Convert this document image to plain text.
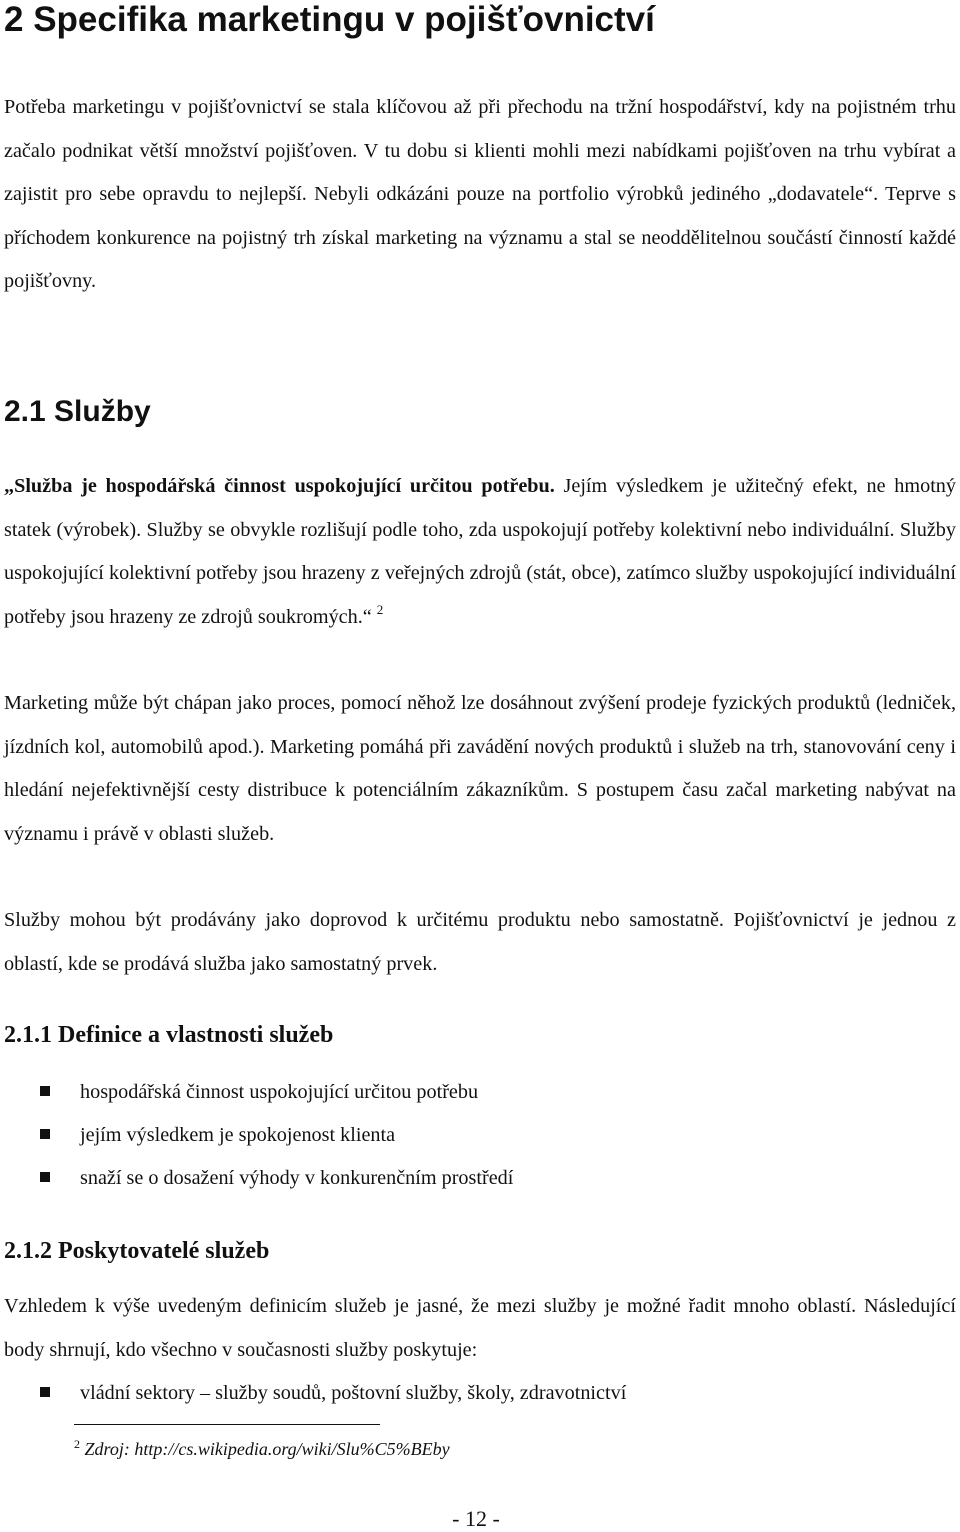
2 Specifika marketingu v pojišťovnictví

Potřeba marketingu v pojišťovnictví se stala klíčovou až při přechodu na tržní hospodářství, kdy na pojistném trhu začalo podnikat větší množství pojišťoven. V tu dobu si klienti mohli mezi nabídkami pojišťoven na trhu vybírat a zajistit pro sebe opravdu to nejlepší. Nebyli odkázáni pouze na portfolio výrobků jediného „dodavatele“. Teprve s příchodem konkurence na pojistný trh získal marketing na významu a stal se neoddělitelnou součástí činností každé pojišťovny.

2.1 Služby

„Služba je hospodářská činnost uspokojující určitou potřebu. Jejím výsledkem je užitečný efekt, ne hmotný statek (výrobek). Služby se obvykle rozlišují podle toho, zda uspokojují potřeby kolektivní nebo individuální. Služby uspokojující kolektivní potřeby jsou hrazeny z veřejných zdrojů (stát, obce), zatímco služby uspokojující individuální potřeby jsou hrazeny ze zdrojů soukromých.“ $^2$

Marketing může být chápan jako proces, pomocí něhož lze dosáhnout zvýšení prodeje fyzických produktů (ledniček, jízdních kol, automobilů apod.). Marketing pomáhá při zavádění nových produktů i služeb na trh, stanovování ceny i hledání nejefektivnější cesty distribuce k potenciálním zákazníkům. S postupem času začal marketing nabývat na významu i právě v oblasti služeb.

Služby mohou být prodávány jako doprovod k určitému produktu nebo samostatně. Pojišťovnictví je jednou z oblastí, kde se prodává služba jako samostatný prvek.

2.1.1 Definice a vlastnosti služeb
hospodářská činnost uspokojující určitou potřebu
jejím výsledkem je spokojenost klienta
snaží se o dosažení výhody v konkurenčním prostředí
2.1.2 Poskytovatelé služeb

Vzhledem k výše uvedeným definicím služeb je jasné, že mezi služby je možné řadit mnoho oblastí. Následující body shrnují, kdo všechno v současnosti služby poskytuje:

vládní sektory – služby soudů, poštovní služby, školy, zdravotnictví
$^2$ Zdroj: http://cs.wikipedia.org/wiki/Slu%C5%BEby
- 12 -
